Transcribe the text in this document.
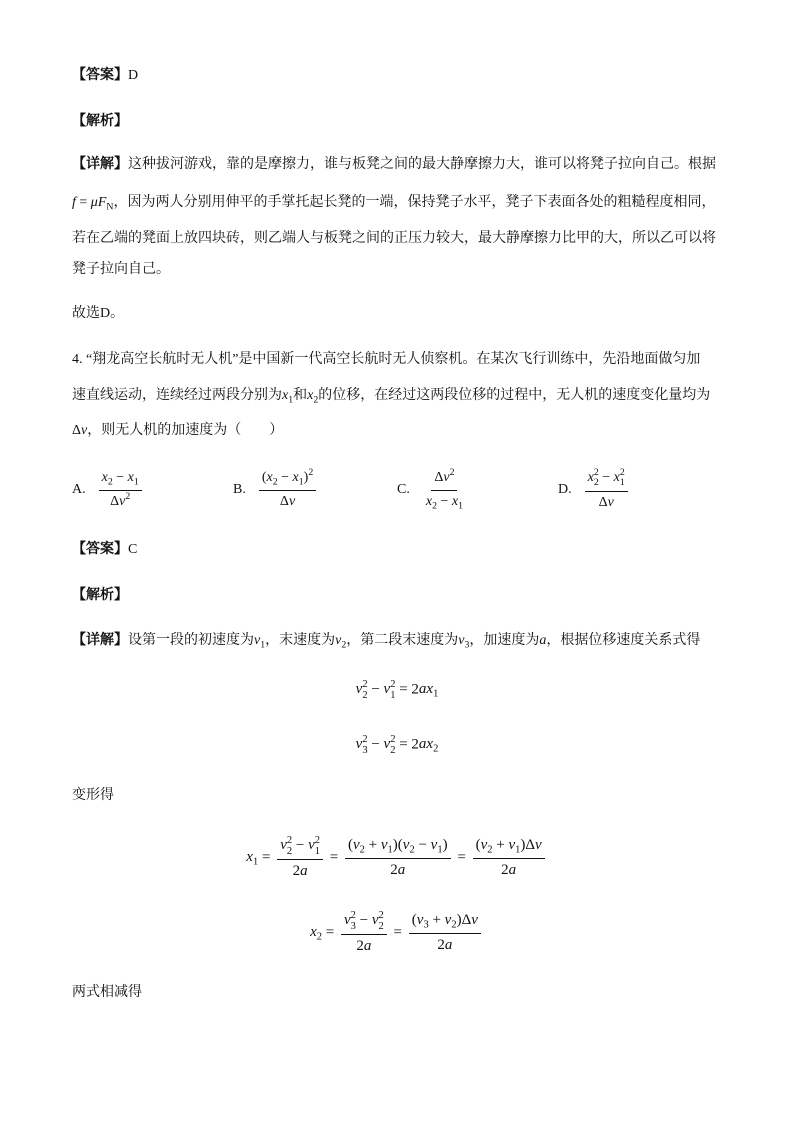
【答案】D
【解析】
【详解】这种拔河游戏，靠的是摩擦力，谁与板凳之间的最大静摩擦力大，谁可以将凳子拉向自己。根据
$f = \mu F_N$，因为两人分别用伸平的手掌托起长凳的一端，保持凳子水平，凳子下表面各处的粗糙程度相同，
若在乙端的凳面上放四块砖，则乙端人与板凳之间的正压力较大，最大静摩擦力比甲的大，所以乙可以将
凳子拉向自己。
故选D。
4. “翔龙高空长航时无人机”是中国新一代高空长航时无人侦察机。在某次飞行训练中，先沿地面做匀加
速直线运动，连续经过两段分别为$x_1$和$x_2$的位移，在经过这两段位移的过程中，无人机的速度变化量均为
Δv，则无人机的加速度为（　　）
A. $\frac{x_2 - x_1}{\Delta v^2}$	B. $\frac{(x_2 - x_1)^2}{\Delta v}$	C. $\frac{\Delta v^2}{x_2 - x_1}$	D. x 2
2 − x 2
1
Δv
【答案】C
【解析】
【详解】设第一段的初速度为$v_1$，末速度为$v_2$，第二段末速度为$v_3$，加速度为a，根据位移速度关系式得
v 2
2 − v 2
$1 = 2ax_1$
v 2
3 − v 2
$2 = 2ax_2$
变形得
$x_1 = v$ 2
2 − v 2
1
$2a = \frac{(v_2 + v_1)(v_2 - v_1)}{2a} = \frac{(v_2 + v_1)\Delta v}{2a}$
$x_2 = v$ 2
3 − v 2
2
$2a = \frac{(v_3 + v_2)\Delta v}{2a}$
两式相减得
